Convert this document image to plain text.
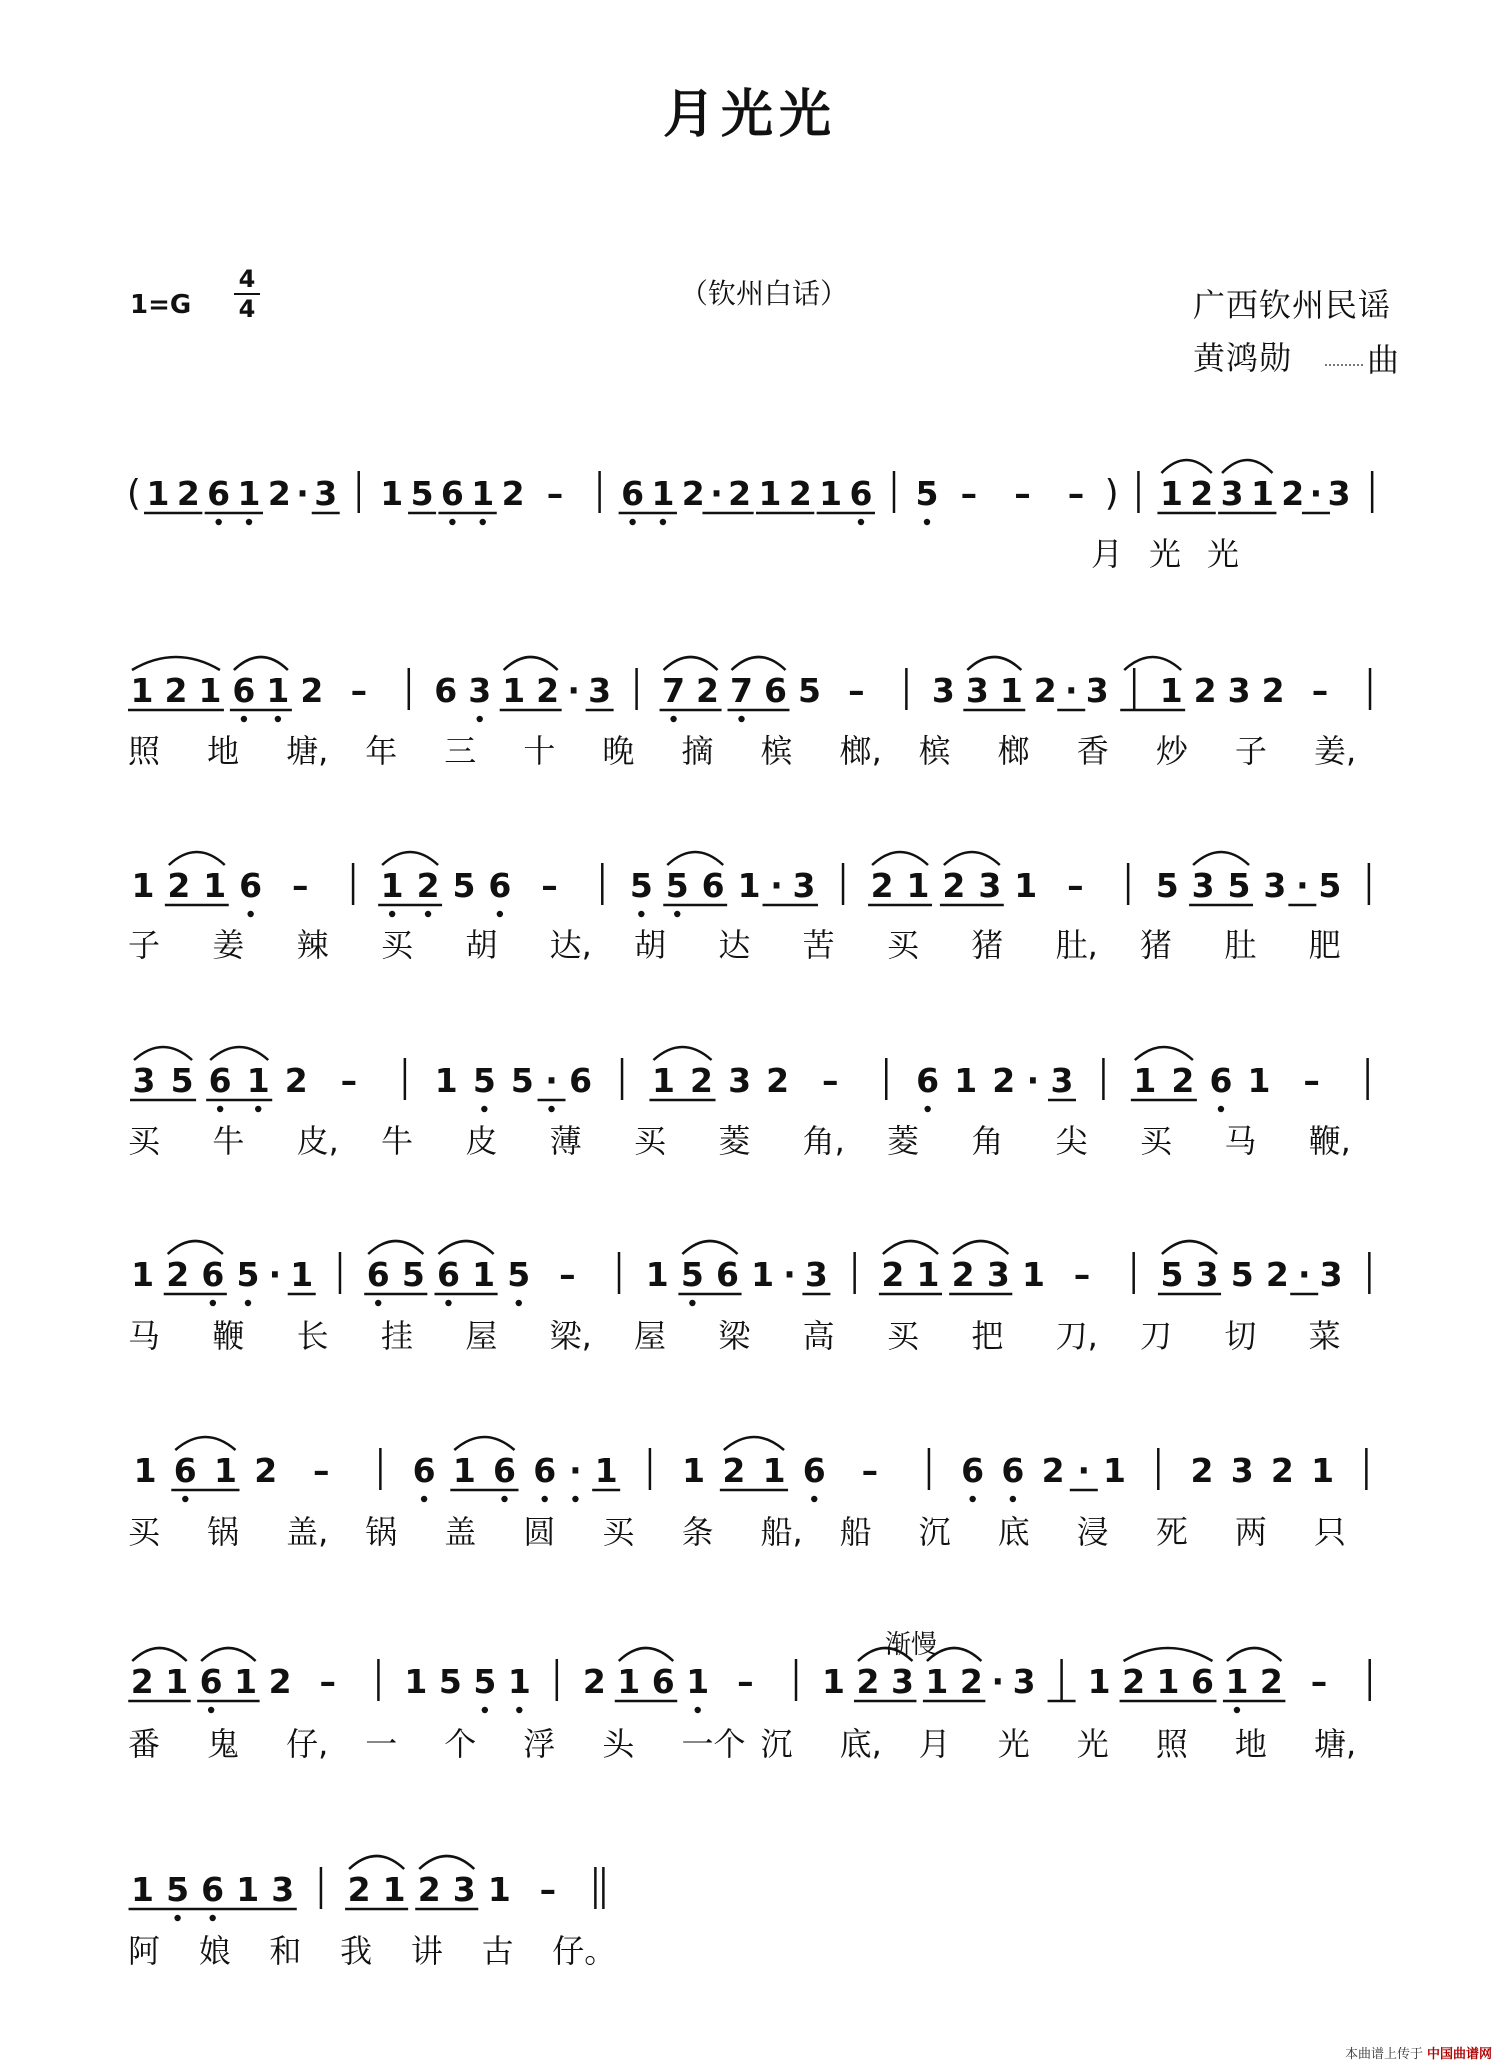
月光光
1=G
4
4	（钦州白话）	广西钦州民谣
黄鸿勋 曲
渐慢
( 1 2 6 1 2 · 3 1 5 6 1 2 – 6 1 2 · 2 1 2 1 6 5 – – – ) 1 2 3 1 2 · 3
月 光 光
1 2 1 6 1 2 – 6 3 1 2 · 3 7 2 7 6 5 – 3 3 1 2 · 3 1 2 3 2 –
照 地 塘, 年 三 十 晚 摘 槟 榔, 槟 榔 香 炒 子 姜,
1 2 1 6 – 1 2 5 6 – 5 5 6 1 · 3 2 1 2 3 1 – 5 3 5 3 · 5
子 姜 辣 买 胡 达, 胡 达 苦 买 猪 肚, 猪 肚 肥
3 5 6 1 2 – 1 5 5 · 6 1 2 3 2 – 6 1 2 · 3 1 2 6 1 –
买 牛 皮, 牛 皮 薄 买 菱 角, 菱 角 尖 买 马 鞭,
1 2 6 5 · 1 6 5 6 1 5 – 1 5 6 1 · 3 2 1 2 3 1 – 5 3 5 2 · 3
马 鞭 长 挂 屋 梁, 屋 梁 高 买 把 刀, 刀 切 菜
1 6 1 2 –	6 1 6 6 · 1 1 2 1 6 –	6 6 2 · 1 2 3 2 1
买 锅 盖, 锅 盖 圆 买 条 船, 船 沉 底 浸 死 两 只
2 1 6 1 2 – 1 5 5 1 2 1 6 1 – 1 2 3 1 2 · 3 1 2 1 6 1 2 –
番 鬼 仔, 一 个 浮 头 一个 沉 底, 月 光 光 照 地 塘,
1 5 6 1 3 2 1 2 3 1 –
阿 娘 和 我 讲 古 仔。
本曲谱上传于 中国曲谱网
